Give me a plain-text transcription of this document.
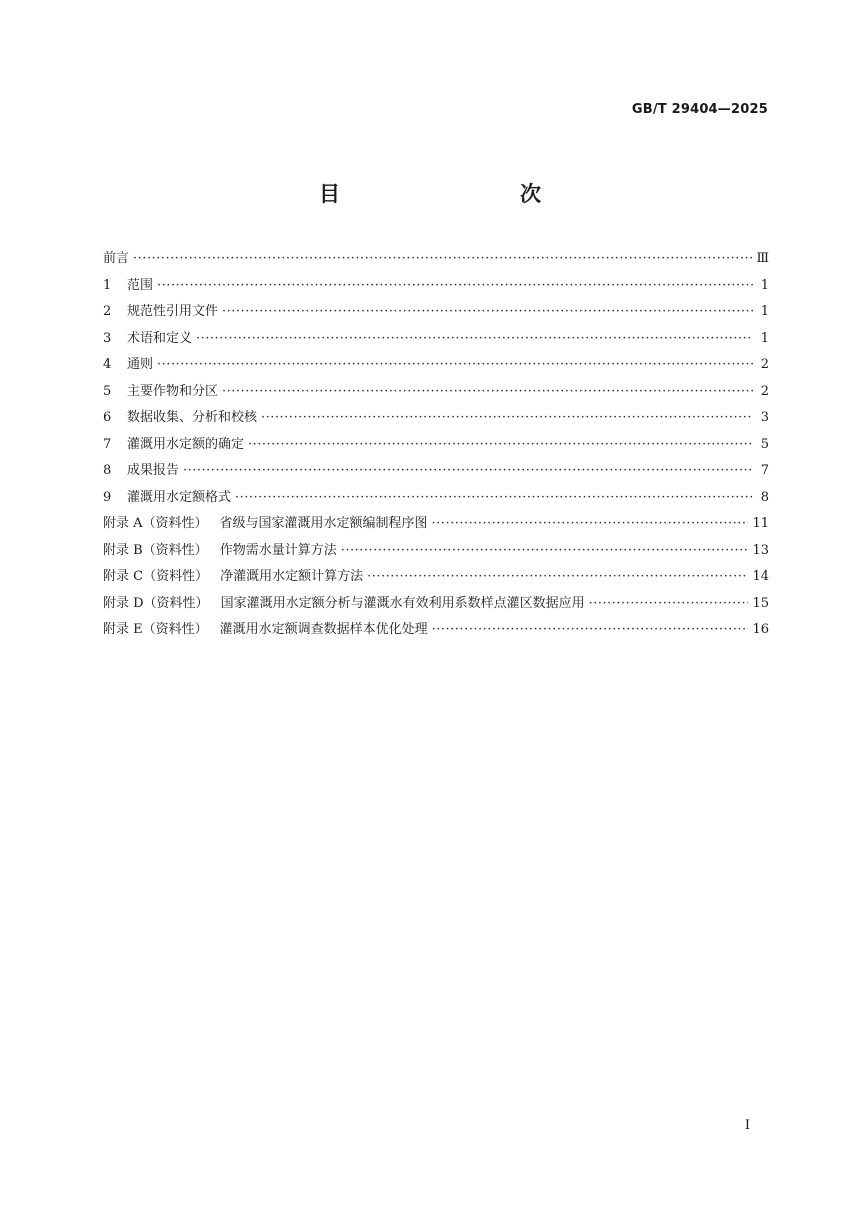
GB/T 29404—2025
目　　次
前言 ·····	Ⅲ
1	范围 ·····	1
2	规范性引用文件 ·····	1
3	术语和定义 ·····	1
4	通则 ·····	2
5	主要作物和分区 ·····	2
6	数据收集、分析和校核 ·····	3
7	灌溉用水定额的确定 ·····	5
8	成果报告 ·····	7
9	灌溉用水定额格式 ·····	8
附录 A（资料性） 省级与国家灌溉用水定额编制程序图 ·····	11
附录 B（资料性） 作物需水量计算方法 ·····	13
附录 C（资料性） 净灌溉用水定额计算方法 ·····	14
附录 D（资料性） 国家灌溉用水定额分析与灌溉水有效利用系数样点灌区数据应用 ·····	15
附录 E（资料性） 灌溉用水定额调查数据样本优化处理 ·····	16
I
